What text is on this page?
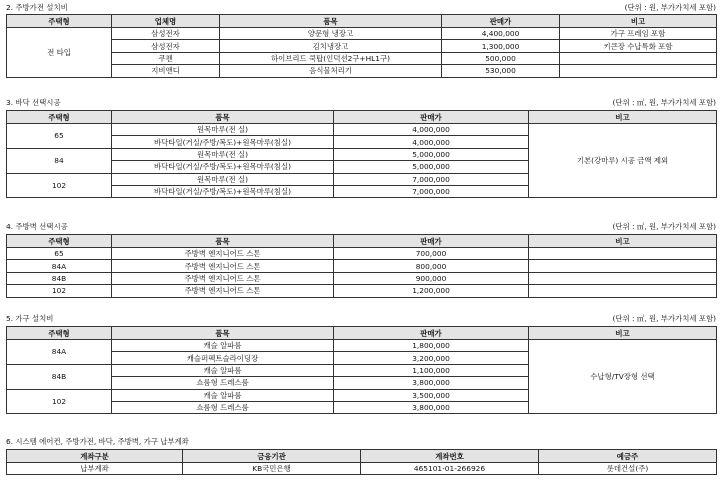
2. 주방가전 설치비	(단위 : 원, 부가가치세 포함)
주택형	업체명	품목	판매가	비고
전 타입	삼성전자	양문형 냉장고	4,400,000	가구 프레임 포함
	삼성전자	김치냉장고	1,300,000	키큰장 수납특화 포함
	쿠첸	하이브리드 쿡탑(인덕션2구+HL1구)	500,000	
	지비앤디	음식물처리기	530,000	
3. 바닥 선택시공	(단위 : ㎡, 원, 부가가치세 포함)
주택형	품목	판매가	비고
65	원목마루(전 실)	4,000,000	기본(강마루) 시공 금액 제외
	바닥타일(거실/주방/복도)+원목마루(침실)	4,000,000	
84	원목마루(전 실)	5,000,000	
	바닥타일(거실/주방/복도)+원목마루(침실)	5,000,000	
102	원목마루(전 실)	7,000,000	
	바닥타일(거실/주방/복도)+원목마루(침실)	7,000,000	
4. 주방벽 선택시공	(단위 : ㎡, 원, 부가가치세 포함)
주택형	품목	판매가	비고
65	주방벽 엔지니어드 스톤	700,000	
84A	주방벽 엔지니어드 스톤	800,000	
84B	주방벽 엔지니어드 스톤	900,000	
102	주방벽 엔지니어드 스톤	1,200,000	
5. 가구 설치비	(단위 : ㎡, 원, 부가가치세 포함)
주택형	품목	판매가	비고
84A	캐슬 알파룸	1,800,000	수납형/TV장형 선택
	캐슬퍼펙트슬라이딩장	3,200,000	
84B	캐슬 알파룸	1,100,000	
	쇼룸형 드레스룸	3,800,000	
102	캐슬 알파룸	3,500,000	
	쇼룸형 드레스룸	3,800,000	
6. 시스템 에어컨, 주방가전, 바닥, 주방벽, 가구 납부계좌
계좌구분	금융기관	계좌번호	예금주
납부계좌	KB국민은행	465101-01-266926	롯데건설(주)
